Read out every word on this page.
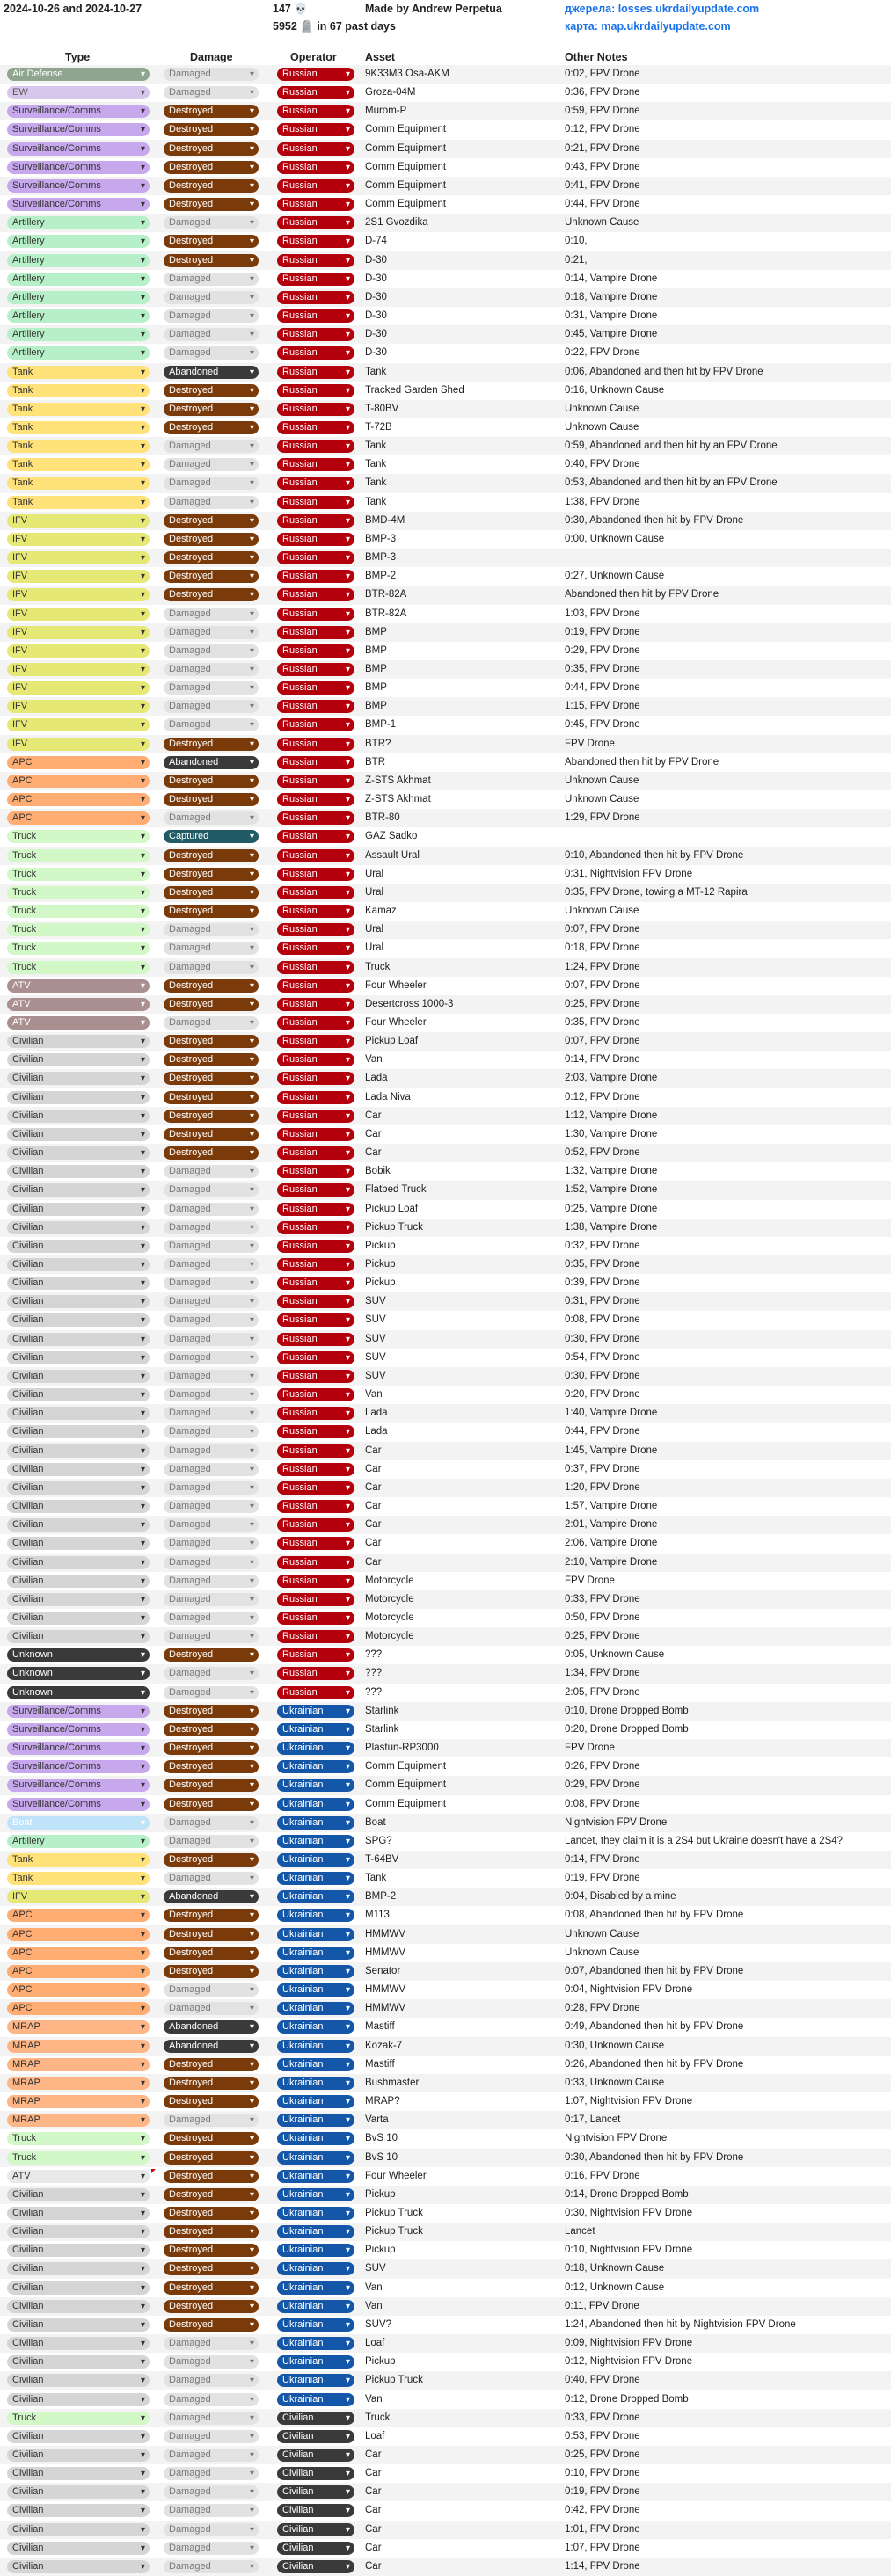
2024-10-26 and 2024-10-27	147 💀
5952 🪦 in 67 past days
Made by Andrew Perpetua	джерела: losses.ukrdailyupdate.com
карта: map.ukrdailyupdate.com
Type	Damage	Operator	Asset	Other Notes
Air Defense ▾	Damaged ▾	Russian ▾	9K33M3 Osa-AKM	0:02, FPV Drone
EW ▾	Damaged ▾	Russian ▾	Groza-04M	0:36, FPV Drone
Surveillance/Comms ▾	Destroyed ▾	Russian ▾	Murom-P	0:59, FPV Drone
Surveillance/Comms ▾	Destroyed ▾	Russian ▾	Comm Equipment	0:12, FPV Drone
Surveillance/Comms ▾	Destroyed ▾	Russian ▾	Comm Equipment	0:21, FPV Drone
Surveillance/Comms ▾	Destroyed ▾	Russian ▾	Comm Equipment	0:43, FPV Drone
Surveillance/Comms ▾	Destroyed ▾	Russian ▾	Comm Equipment	0:41, FPV Drone
Surveillance/Comms ▾	Destroyed ▾	Russian ▾	Comm Equipment	0:44, FPV Drone
Artillery ▾	Damaged ▾	Russian ▾	2S1 Gvozdika	Unknown Cause
Artillery ▾	Destroyed ▾	Russian ▾	D-74	0:10,
Artillery ▾	Destroyed ▾	Russian ▾	D-30	0:21,
Artillery ▾	Damaged ▾	Russian ▾	D-30	0:14, Vampire Drone
Artillery ▾	Damaged ▾	Russian ▾	D-30	0:18, Vampire Drone
Artillery ▾	Damaged ▾	Russian ▾	D-30	0:31, Vampire Drone
Artillery ▾	Damaged ▾	Russian ▾	D-30	0:45, Vampire Drone
Artillery ▾	Damaged ▾	Russian ▾	D-30	0:22, FPV Drone
Tank ▾	Abandoned ▾	Russian ▾	Tank	0:06, Abandoned and then hit by FPV Drone
Tank ▾	Destroyed ▾	Russian ▾	Tracked Garden Shed	0:16, Unknown Cause
Tank ▾	Destroyed ▾	Russian ▾	T-80BV	Unknown Cause
Tank ▾	Destroyed ▾	Russian ▾	T-72B	Unknown Cause
Tank ▾	Damaged ▾	Russian ▾	Tank	0:59, Abandoned and then hit by an FPV Drone
Tank ▾	Damaged ▾	Russian ▾	Tank	0:40, FPV Drone
Tank ▾	Damaged ▾	Russian ▾	Tank	0:53, Abandoned and then hit by an FPV Drone
Tank ▾	Damaged ▾	Russian ▾	Tank	1:38, FPV Drone
IFV ▾	Destroyed ▾	Russian ▾	BMD-4M	0:30, Abandoned then hit by FPV Drone
IFV ▾	Destroyed ▾	Russian ▾	BMP-3	0:00, Unknown Cause
IFV ▾	Destroyed ▾	Russian ▾	BMP-3
IFV ▾	Destroyed ▾	Russian ▾	BMP-2	0:27, Unknown Cause
IFV ▾	Destroyed ▾	Russian ▾	BTR-82A	Abandoned then hit by FPV Drone
IFV ▾	Damaged ▾	Russian ▾	BTR-82A	1:03, FPV Drone
IFV ▾	Damaged ▾	Russian ▾	BMP	0:19, FPV Drone
IFV ▾	Damaged ▾	Russian ▾	BMP	0:29, FPV Drone
IFV ▾	Damaged ▾	Russian ▾	BMP	0:35, FPV Drone
IFV ▾	Damaged ▾	Russian ▾	BMP	0:44, FPV Drone
IFV ▾	Damaged ▾	Russian ▾	BMP	1:15, FPV Drone
IFV ▾	Damaged ▾	Russian ▾	BMP-1	0:45, FPV Drone
IFV ▾	Destroyed ▾	Russian ▾	BTR?	FPV Drone
APC ▾	Abandoned ▾	Russian ▾	BTR	Abandoned then hit by FPV Drone
APC ▾	Destroyed ▾	Russian ▾	Z-STS Akhmat	Unknown Cause
APC ▾	Destroyed ▾	Russian ▾	Z-STS Akhmat	Unknown Cause
APC ▾	Damaged ▾	Russian ▾	BTR-80	1:29, FPV Drone
Truck ▾	Captured ▾	Russian ▾	GAZ Sadko
Truck ▾	Destroyed ▾	Russian ▾	Assault Ural	0:10, Abandoned then hit by FPV Drone
Truck ▾	Destroyed ▾	Russian ▾	Ural	0:31, Nightvision FPV Drone
Truck ▾	Destroyed ▾	Russian ▾	Ural	0:35, FPV Drone, towing a MT-12 Rapira
Truck ▾	Destroyed ▾	Russian ▾	Kamaz	Unknown Cause
Truck ▾	Damaged ▾	Russian ▾	Ural	0:07, FPV Drone
Truck ▾	Damaged ▾	Russian ▾	Ural	0:18, FPV Drone
Truck ▾	Damaged ▾	Russian ▾	Truck	1:24, FPV Drone
ATV ▾	Destroyed ▾	Russian ▾	Four Wheeler	0:07, FPV Drone
ATV ▾	Destroyed ▾	Russian ▾	Desertcross 1000-3	0:25, FPV Drone
ATV ▾	Damaged ▾	Russian ▾	Four Wheeler	0:35, FPV Drone
Civilian ▾	Destroyed ▾	Russian ▾	Pickup Loaf	0:07, FPV Drone
Civilian ▾	Destroyed ▾	Russian ▾	Van	0:14, FPV Drone
Civilian ▾	Destroyed ▾	Russian ▾	Lada	2:03, Vampire Drone
Civilian ▾	Destroyed ▾	Russian ▾	Lada Niva	0:12, FPV Drone
Civilian ▾	Destroyed ▾	Russian ▾	Car	1:12, Vampire Drone
Civilian ▾	Destroyed ▾	Russian ▾	Car	1:30, Vampire Drone
Civilian ▾	Destroyed ▾	Russian ▾	Car	0:52, FPV Drone
Civilian ▾	Damaged ▾	Russian ▾	Bobik	1:32, Vampire Drone
Civilian ▾	Damaged ▾	Russian ▾	Flatbed Truck	1:52, Vampire Drone
Civilian ▾	Damaged ▾	Russian ▾	Pickup Loaf	0:25, Vampire Drone
Civilian ▾	Damaged ▾	Russian ▾	Pickup Truck	1:38, Vampire Drone
Civilian ▾	Damaged ▾	Russian ▾	Pickup	0:32, FPV Drone
Civilian ▾	Damaged ▾	Russian ▾	Pickup	0:35, FPV Drone
Civilian ▾	Damaged ▾	Russian ▾	Pickup	0:39, FPV Drone
Civilian ▾	Damaged ▾	Russian ▾	SUV	0:31, FPV Drone
Civilian ▾	Damaged ▾	Russian ▾	SUV	0:08, FPV Drone
Civilian ▾	Damaged ▾	Russian ▾	SUV	0:30, FPV Drone
Civilian ▾	Damaged ▾	Russian ▾	SUV	0:54, FPV Drone
Civilian ▾	Damaged ▾	Russian ▾	SUV	0:30, FPV Drone
Civilian ▾	Damaged ▾	Russian ▾	Van	0:20, FPV Drone
Civilian ▾	Damaged ▾	Russian ▾	Lada	1:40, Vampire Drone
Civilian ▾	Damaged ▾	Russian ▾	Lada	0:44, FPV Drone
Civilian ▾	Damaged ▾	Russian ▾	Car	1:45, Vampire Drone
Civilian ▾	Damaged ▾	Russian ▾	Car	0:37, FPV Drone
Civilian ▾	Damaged ▾	Russian ▾	Car	1:20, FPV Drone
Civilian ▾	Damaged ▾	Russian ▾	Car	1:57, Vampire Drone
Civilian ▾	Damaged ▾	Russian ▾	Car	2:01, Vampire Drone
Civilian ▾	Damaged ▾	Russian ▾	Car	2:06, Vampire Drone
Civilian ▾	Damaged ▾	Russian ▾	Car	2:10, Vampire Drone
Civilian ▾	Damaged ▾	Russian ▾	Motorcycle	FPV Drone
Civilian ▾	Damaged ▾	Russian ▾	Motorcycle	0:33, FPV Drone
Civilian ▾	Damaged ▾	Russian ▾	Motorcycle	0:50, FPV Drone
Civilian ▾	Damaged ▾	Russian ▾	Motorcycle	0:25, FPV Drone
Unknown ▾	Destroyed ▾	Russian ▾	???	0:05, Unknown Cause
Unknown ▾	Damaged ▾	Russian ▾	???	1:34, FPV Drone
Unknown ▾	Damaged ▾	Russian ▾	???	2:05, FPV Drone
Surveillance/Comms ▾	Destroyed ▾	Ukrainian ▾	Starlink	0:10, Drone Dropped Bomb
Surveillance/Comms ▾	Destroyed ▾	Ukrainian ▾	Starlink	0:20, Drone Dropped Bomb
Surveillance/Comms ▾	Destroyed ▾	Ukrainian ▾	Plastun-RP3000	FPV Drone
Surveillance/Comms ▾	Destroyed ▾	Ukrainian ▾	Comm Equipment	0:26, FPV Drone
Surveillance/Comms ▾	Destroyed ▾	Ukrainian ▾	Comm Equipment	0:29, FPV Drone
Surveillance/Comms ▾	Destroyed ▾	Ukrainian ▾	Comm Equipment	0:08, FPV Drone
Boat ▾	Damaged ▾	Ukrainian ▾	Boat	Nightvision FPV Drone
Artillery ▾	Damaged ▾	Ukrainian ▾	SPG?	Lancet, they claim it is a 2S4 but Ukraine doesn't have a 2S4?
Tank ▾	Destroyed ▾	Ukrainian ▾	T-64BV	0:14, FPV Drone
Tank ▾	Damaged ▾	Ukrainian ▾	Tank	0:19, FPV Drone
IFV ▾	Abandoned ▾	Ukrainian ▾	BMP-2	0:04, Disabled by a mine
APC ▾	Destroyed ▾	Ukrainian ▾	M113	0:08, Abandoned then hit by FPV Drone
APC ▾	Destroyed ▾	Ukrainian ▾	HMMWV	Unknown Cause
APC ▾	Destroyed ▾	Ukrainian ▾	HMMWV	Unknown Cause
APC ▾	Destroyed ▾	Ukrainian ▾	Senator	0:07, Abandoned then hit by FPV Drone
APC ▾	Damaged ▾	Ukrainian ▾	HMMWV	0:04, Nightvision FPV Drone
APC ▾	Damaged ▾	Ukrainian ▾	HMMWV	0:28, FPV Drone
MRAP ▾	Abandoned ▾	Ukrainian ▾	Mastiff	0:49, Abandoned then hit by FPV Drone
MRAP ▾	Abandoned ▾	Ukrainian ▾	Kozak-7	0:30, Unknown Cause
MRAP ▾	Destroyed ▾	Ukrainian ▾	Mastiff	0:26, Abandoned then hit by FPV Drone
MRAP ▾	Destroyed ▾	Ukrainian ▾	Bushmaster	0:33, Unknown Cause
MRAP ▾	Destroyed ▾	Ukrainian ▾	MRAP?	1:07, Nightvision FPV Drone
MRAP ▾	Damaged ▾	Ukrainian ▾	Varta	0:17, Lancet
Truck ▾	Destroyed ▾	Ukrainian ▾	BvS 10	Nightvision FPV Drone
Truck ▾	Destroyed ▾	Ukrainian ▾	BvS 10	0:30, Abandoned then hit by FPV Drone
ATV ▾	Destroyed ▾	Ukrainian ▾	Four Wheeler	0:16, FPV Drone
Civilian ▾	Destroyed ▾	Ukrainian ▾	Pickup	0:14, Drone Dropped Bomb
Civilian ▾	Destroyed ▾	Ukrainian ▾	Pickup Truck	0:30, Nightvision FPV Drone
Civilian ▾	Destroyed ▾	Ukrainian ▾	Pickup Truck	Lancet
Civilian ▾	Destroyed ▾	Ukrainian ▾	Pickup	0:10, Nightvision FPV Drone
Civilian ▾	Destroyed ▾	Ukrainian ▾	SUV	0:18, Unknown Cause
Civilian ▾	Destroyed ▾	Ukrainian ▾	Van	0:12, Unknown Cause
Civilian ▾	Destroyed ▾	Ukrainian ▾	Van	0:11, FPV Drone
Civilian ▾	Destroyed ▾	Ukrainian ▾	SUV?	1:24, Abandoned then hit by Nightvision FPV Drone
Civilian ▾	Damaged ▾	Ukrainian ▾	Loaf	0:09, Nightvision FPV Drone
Civilian ▾	Damaged ▾	Ukrainian ▾	Pickup	0:12, Nightvision FPV Drone
Civilian ▾	Damaged ▾	Ukrainian ▾	Pickup Truck	0:40, FPV Drone
Civilian ▾	Damaged ▾	Ukrainian ▾	Van	0:12, Drone Dropped Bomb
Truck ▾	Damaged ▾	Civilian ▾	Truck	0:33, FPV Drone
Civilian ▾	Damaged ▾	Civilian ▾	Loaf	0:53, FPV Drone
Civilian ▾	Damaged ▾	Civilian ▾	Car	0:25, FPV Drone
Civilian ▾	Damaged ▾	Civilian ▾	Car	0:10, FPV Drone
Civilian ▾	Damaged ▾	Civilian ▾	Car	0:19, FPV Drone
Civilian ▾	Damaged ▾	Civilian ▾	Car	0:42, FPV Drone
Civilian ▾	Damaged ▾	Civilian ▾	Car	1:01, FPV Drone
Civilian ▾	Damaged ▾	Civilian ▾	Car	1:07, FPV Drone
Civilian ▾	Damaged ▾	Civilian ▾	Car	1:14, FPV Drone
